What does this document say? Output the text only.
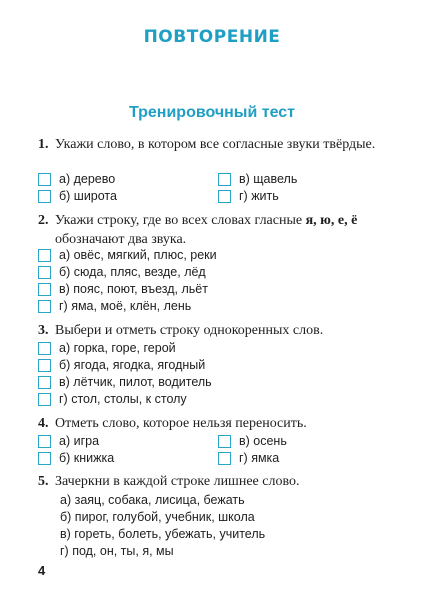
ПОВТОРЕНИЕ
Тренировочный тест
1. Укажи слово, в котором все согласные звуки твёрдые.
а) дерево
б) широта
в) щавель
г) жить
2. Укажи строку, где во всех словах гласные я, ю, е, ё обозначают два звука.
а) овёс, мягкий, плюс, реки
б) сюда, пляс, везде, лёд
в) пояс, поют, въезд, льёт
г) яма, моё, клён, лень
3. Выбери и отметь строку однокоренных слов.
а) горка, горе, герой
б) ягода, ягодка, ягодный
в) лётчик, пилот, водитель
г) стол, столы, к столу
4. Отметь слово, которое нельзя переносить.
а) игра
б) книжка
в) осень
г) ямка
5. Зачеркни в каждой строке лишнее слово.
а) заяц, собака, лисица, бежать
б) пирог, голубой, учебник, школа
в) гореть, болеть, убежать, учитель
г) под, он, ты, я, мы
4
